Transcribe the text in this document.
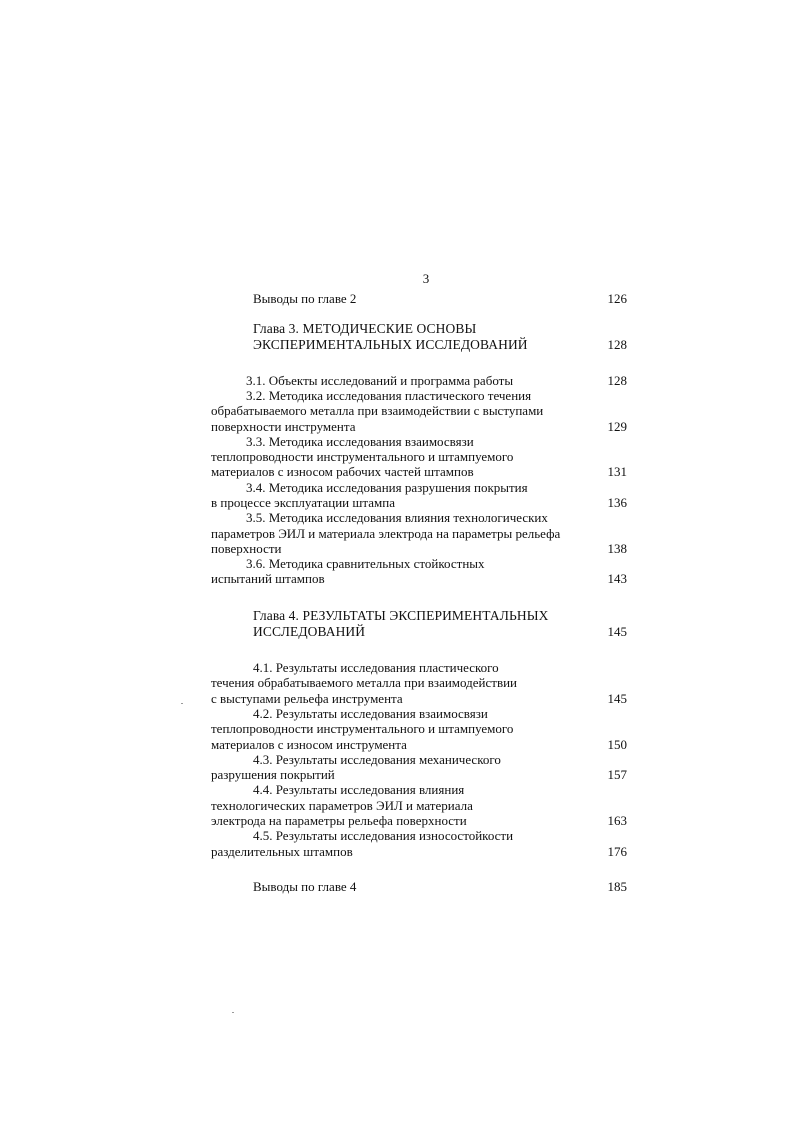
3
Выводы по главе 2	126
Глава 3. МЕТОДИЧЕСКИЕ ОСНОВЫ
ЭКСПЕРИМЕНТАЛЬНЫХ ИССЛЕДОВАНИЙ	128
3.1. Объекты исследований и программа работы	128
3.2. Методика исследования пластического течения
обрабатываемого металла при взаимодействии с выступами
поверхности инструмента	129
3.3. Методика исследования взаимосвязи
теплопроводности инструментального и штампуемого
материалов с износом рабочих частей штампов	131
3.4. Методика исследования разрушения покрытия
в процессе эксплуатации штампа	136
3.5. Методика исследования влияния технологических
параметров ЭИЛ и материала электрода на параметры рельефа
поверхности	138
3.6. Методика сравнительных стойкостных
испытаний штампов	143
Глава 4. РЕЗУЛЬТАТЫ ЭКСПЕРИМЕНТАЛЬНЫХ
ИССЛЕДОВАНИЙ	145
4.1. Результаты исследования пластического
течения обрабатываемого металла при взаимодействии
с выступами рельефа инструмента	145
4.2. Результаты исследования взаимосвязи
теплопроводности инструментального и штампуемого
материалов с износом инструмента	150
4.3. Результаты исследования механического
разрушения покрытий	157
4.4. Результаты исследования влияния
технологических параметров ЭИЛ и материала
электрода на параметры рельефа поверхности	163
4.5. Результаты исследования износостойкости
разделительных штампов	176
Выводы по главе 4	185
